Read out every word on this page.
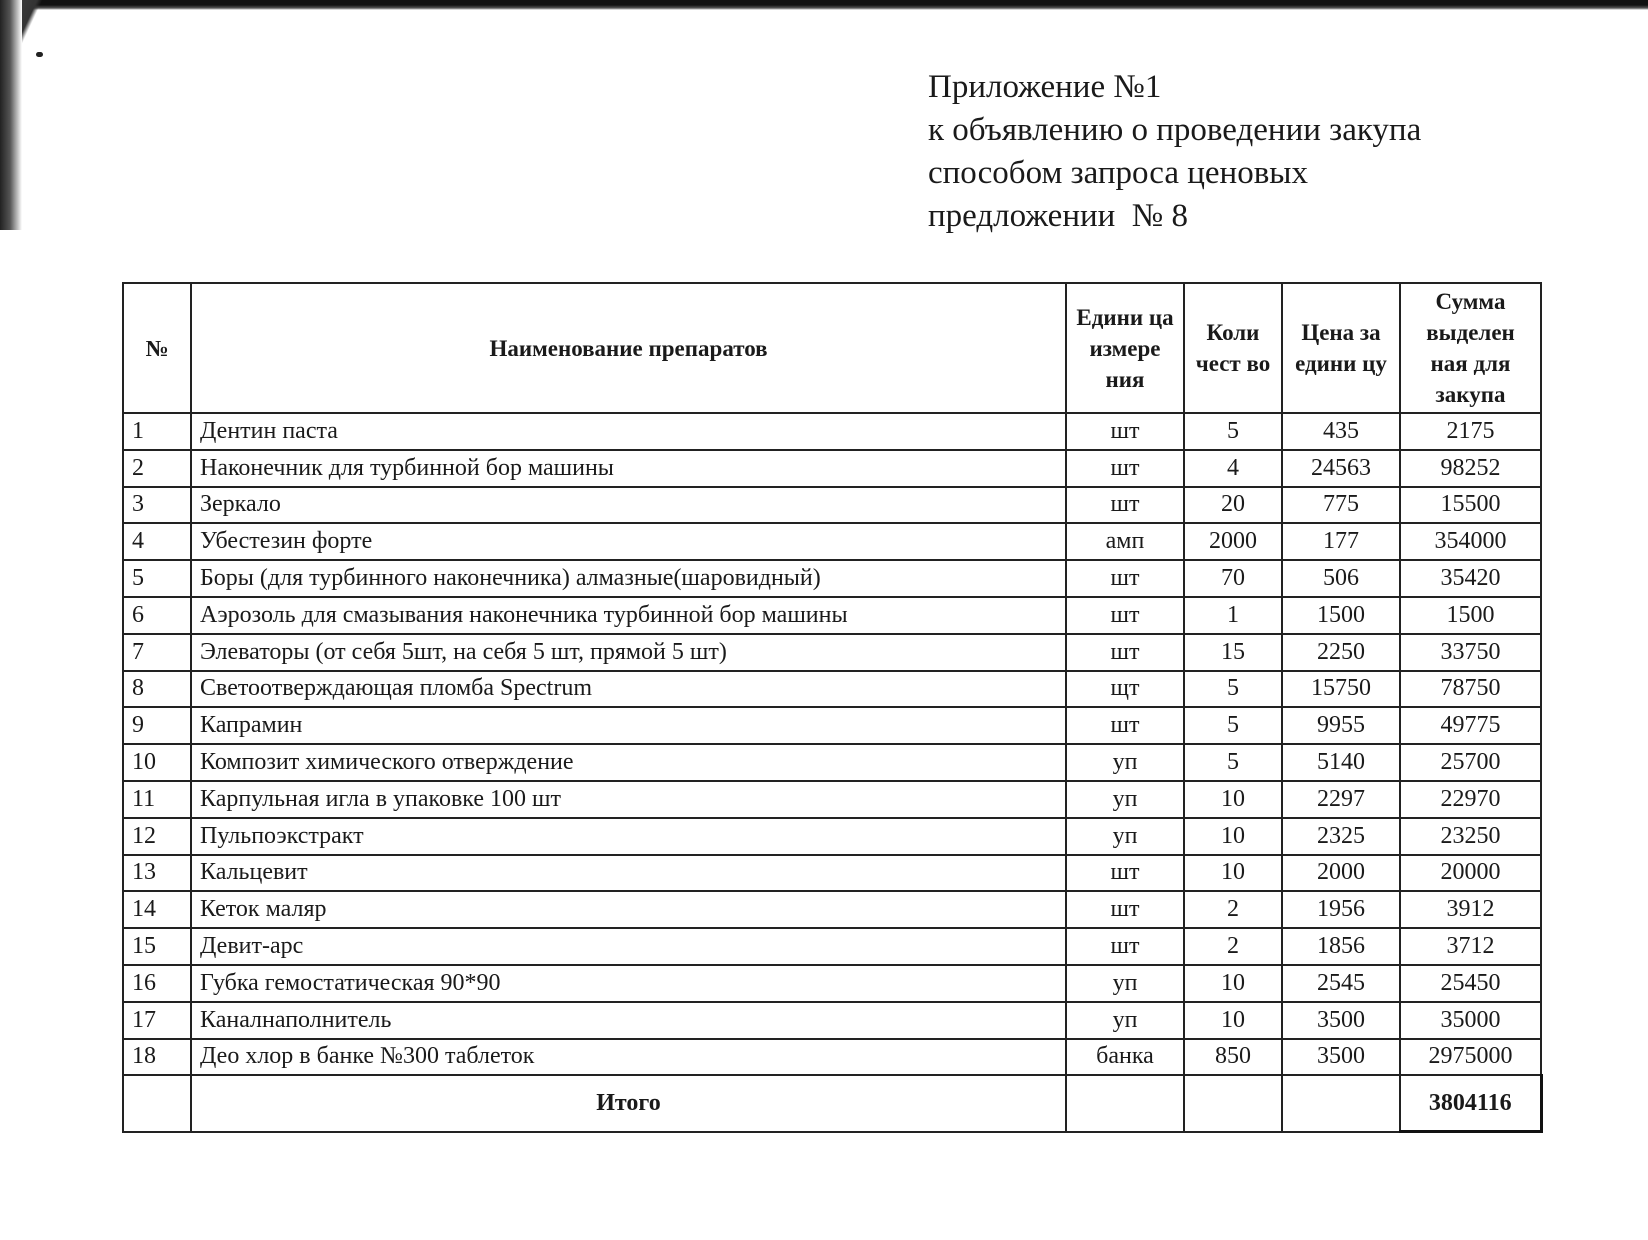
Приложение №1
к объявлению о проведении закупа
способом запроса ценовых
предложении  № 8
№	Наименование препаратов	Едини ца измере ния	Коли чест во	Цена за едини цу	Сумма выделен ная для закупа
1	Дентин паста	шт	5	435	2175
2	Наконечник для турбинной бор машины	шт	4	24563	98252
3	Зеркало	шт	20	775	15500
4	Убестезин форте	амп	2000	177	354000
5	Боры (для турбинного наконечника) алмазные(шаровидный)	шт	70	506	35420
6	Аэрозоль для смазывания наконечника турбинной бор машины	шт	1	1500	1500
7	Элеваторы (от себя 5шт, на себя 5 шт, прямой 5 шт)	шт	15	2250	33750
8	Светоотверждающая пломба Spectrum	щт	5	15750	78750
9	Капрамин	шт	5	9955	49775
10	Композит химического отверждение	уп	5	5140	25700
11	Карпульная игла в упаковке 100 шт	уп	10	2297	22970
12	Пульпоэкстракт	уп	10	2325	23250
13	Кальцевит	шт	10	2000	20000
14	Кеток маляр	шт	2	1956	3912
15	Девит-арс	шт	2	1856	3712
16	Губка гемостатическая 90*90	уп	10	2545	25450
17	Каналнаполнитель	уп	10	3500	35000
18	Део хлор в банке №300 таблеток	банка	850	3500	2975000
	Итого				3804116
